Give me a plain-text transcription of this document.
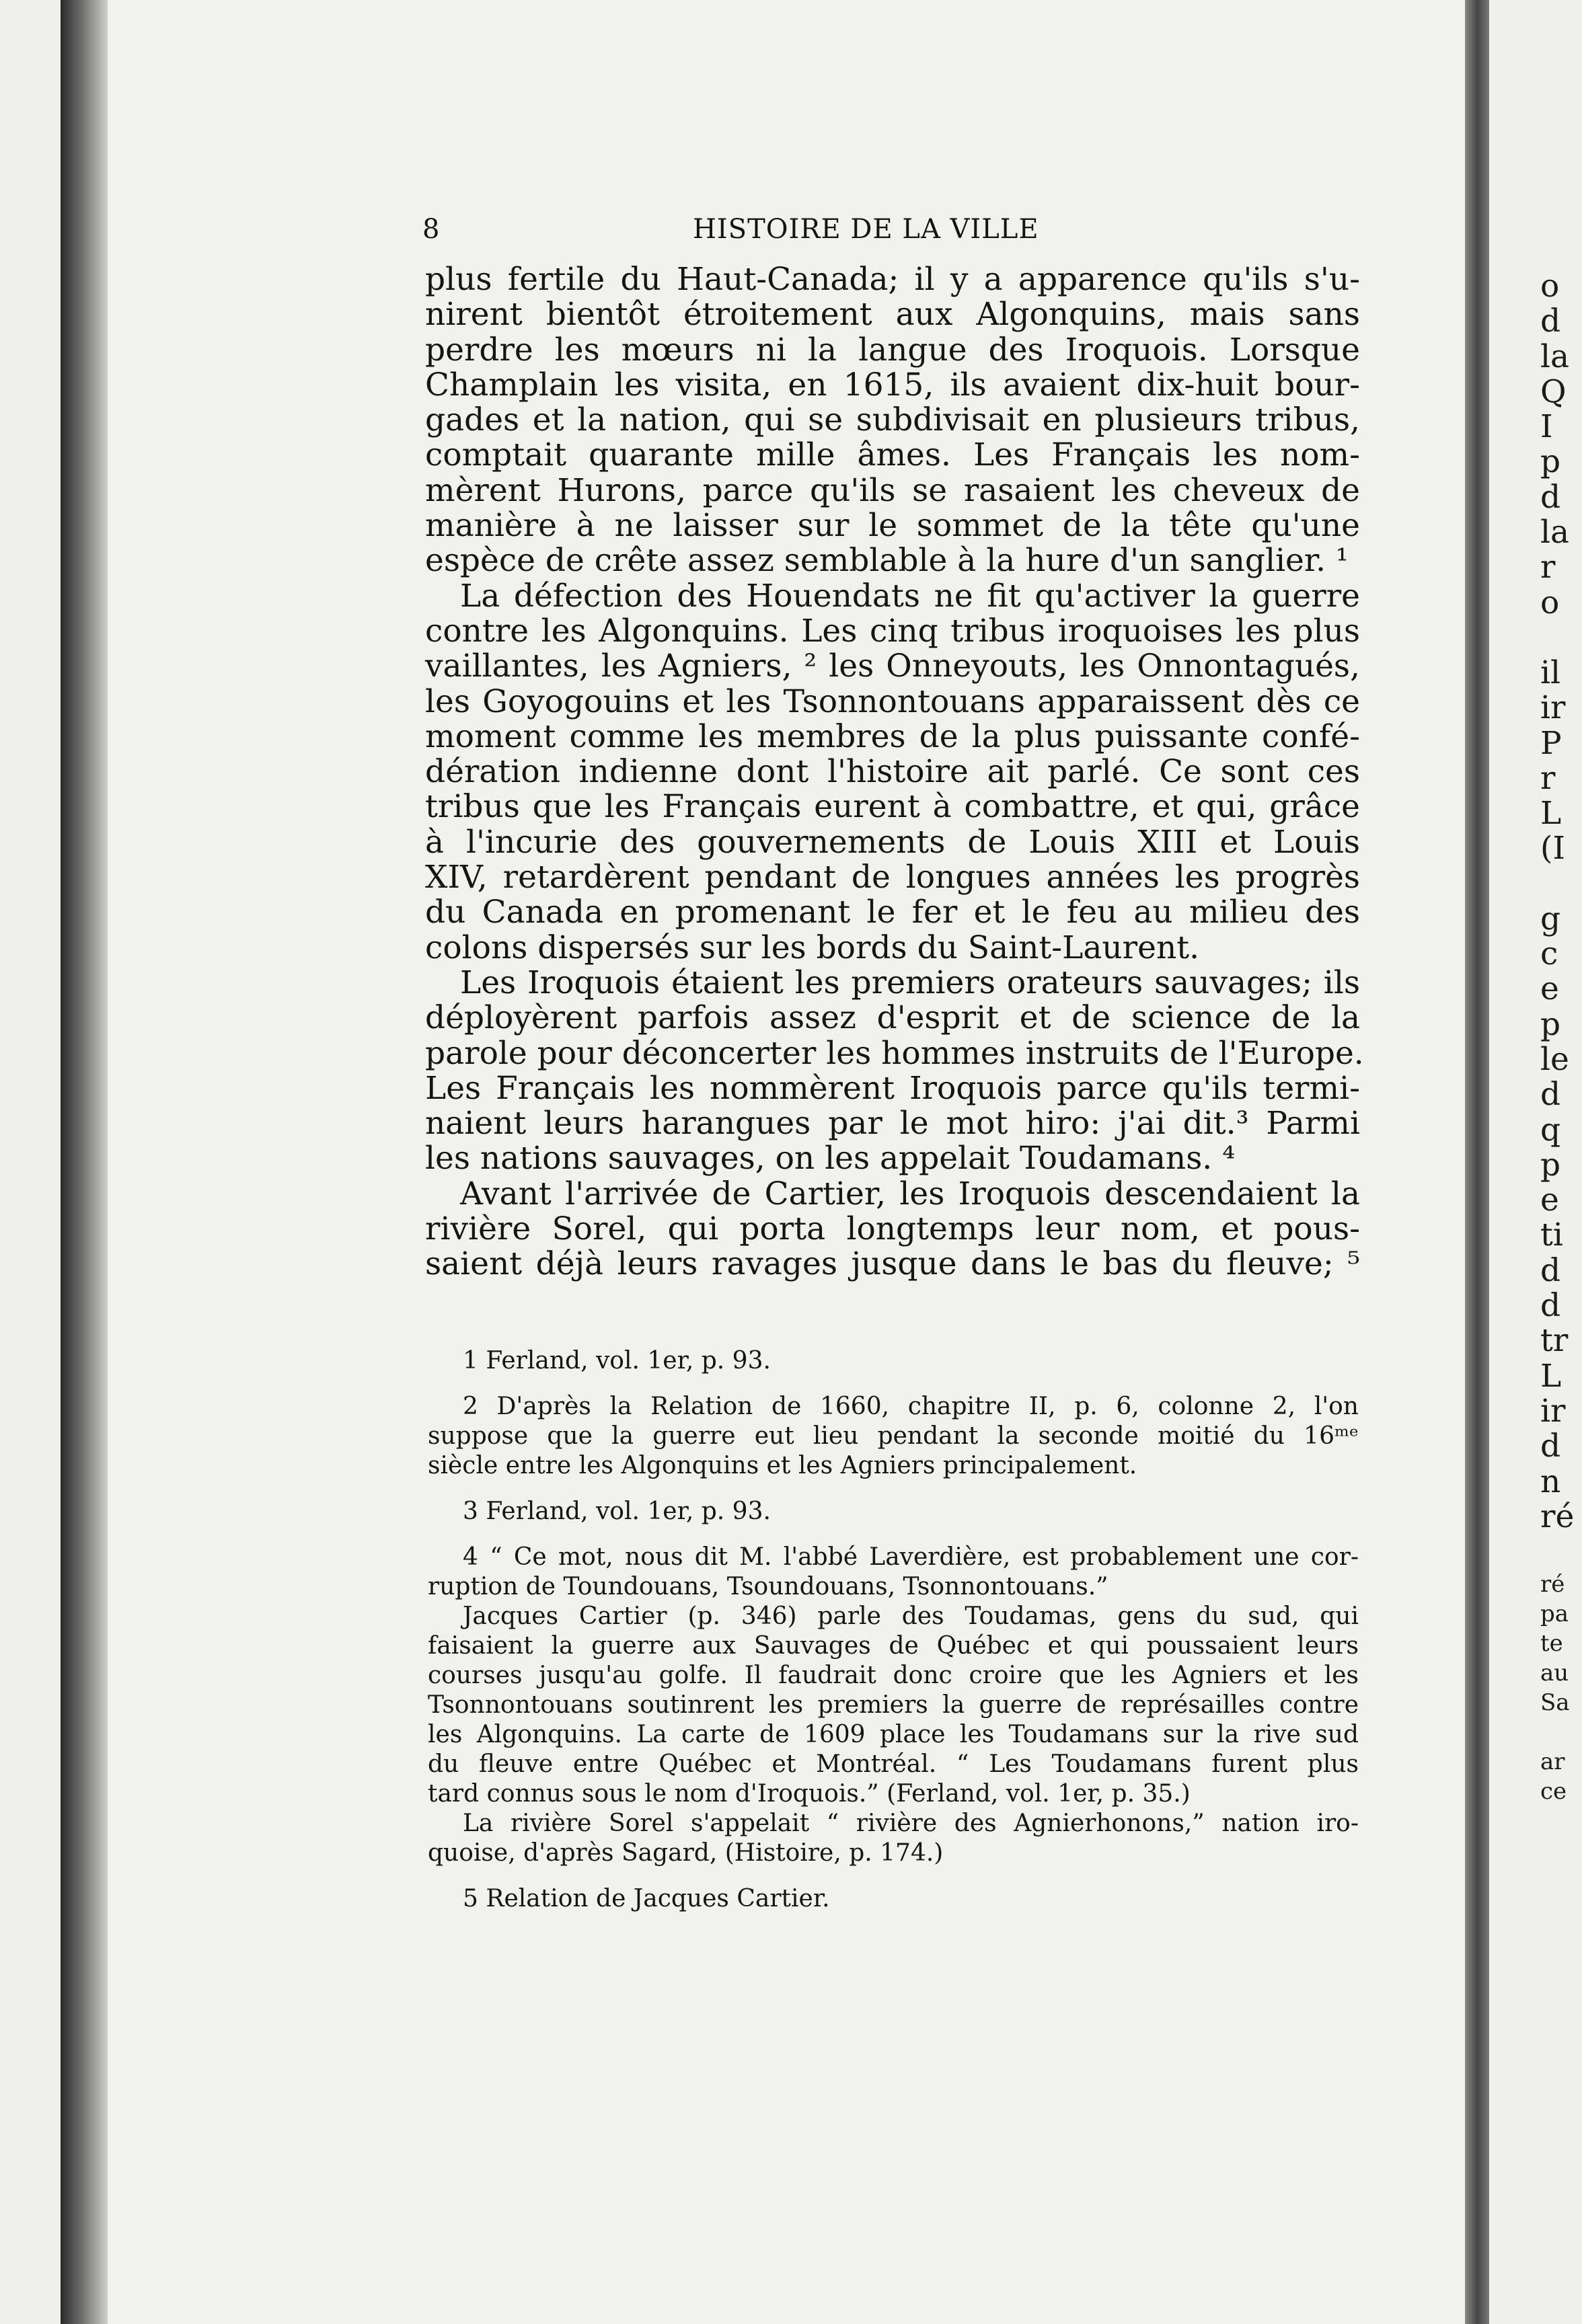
8	HISTOIRE DE LA VILLE
plus fertile du Haut-Canada; il y a apparence qu'ils s'u-
nirent bientôt étroitement aux Algonquins, mais sans
perdre les mœurs ni la langue des Iroquois. Lorsque
Champlain les visita, en 1615, ils avaient dix-huit bour-
gades et la nation, qui se subdivisait en plusieurs tribus,
comptait quarante mille âmes. Les Français les nom-
mèrent Hurons, parce qu'ils se rasaient les cheveux de
manière à ne laisser sur le sommet de la tête qu'une
espèce de crête assez semblable à la hure d'un sanglier. ¹
La défection des Houendats ne fit qu'activer la guerre
contre les Algonquins. Les cinq tribus iroquoises les plus
vaillantes, les Agniers, ² les Onneyouts, les Onnontagués,
les Goyogouins et les Tsonnontouans apparaissent dès ce
moment comme les membres de la plus puissante confé-
dération indienne dont l'histoire ait parlé. Ce sont ces
tribus que les Français eurent à combattre, et qui, grâce
à l'incurie des gouvernements de Louis XIII et Louis
XIV, retardèrent pendant de longues années les progrès
du Canada en promenant le fer et le feu au milieu des
colons dispersés sur les bords du Saint-Laurent.
Les Iroquois étaient les premiers orateurs sauvages; ils
déployèrent parfois assez d'esprit et de science de la
parole pour déconcerter les hommes instruits de l'Europe.
Les Français les nommèrent Iroquois parce qu'ils termi-
naient leurs harangues par le mot hiro: j'ai dit.³ Parmi
les nations sauvages, on les appelait Toudamans. ⁴
Avant l'arrivée de Cartier, les Iroquois descendaient la
rivière Sorel, qui porta longtemps leur nom, et pous-
saient déjà leurs ravages jusque dans le bas du fleuve; ⁵
1 Ferland, vol. 1er, p. 93.
2 D'après la Relation de 1660, chapitre II, p. 6, colonne 2, l'on
suppose que la guerre eut lieu pendant la seconde moitié du 16ᵐᵉ
siècle entre les Algonquins et les Agniers principalement.
3 Ferland, vol. 1er, p. 93.
4 “ Ce mot, nous dit M. l'abbé Laverdière, est probablement une cor-
ruption de Toundouans, Tsoundouans, Tsonnontouans.”
Jacques Cartier (p. 346) parle des Toudamas, gens du sud, qui
faisaient la guerre aux Sauvages de Québec et qui poussaient leurs
courses jusqu'au golfe. Il faudrait donc croire que les Agniers et les
Tsonnontouans soutinrent les premiers la guerre de représailles contre
les Algonquins. La carte de 1609 place les Toudamans sur la rive sud
du fleuve entre Québec et Montréal. “ Les Toudamans furent plus
tard connus sous le nom d'Iroquois.” (Ferland, vol. 1er, p. 35.)
La rivière Sorel s'appelait “ rivière des Agnierhonons,” nation iro-
quoise, d'après Sagard, (Histoire, p. 174.)
5 Relation de Jacques Cartier.
o
d
la
Q
I
p
d
la
r
o
il
ir
P
r
L
(I
g
c
e
p
le
d
q
p
e
ti
d
d
tr
L
ir
d
n
ré
ré
pa
te
au
Sa
ar
ce
